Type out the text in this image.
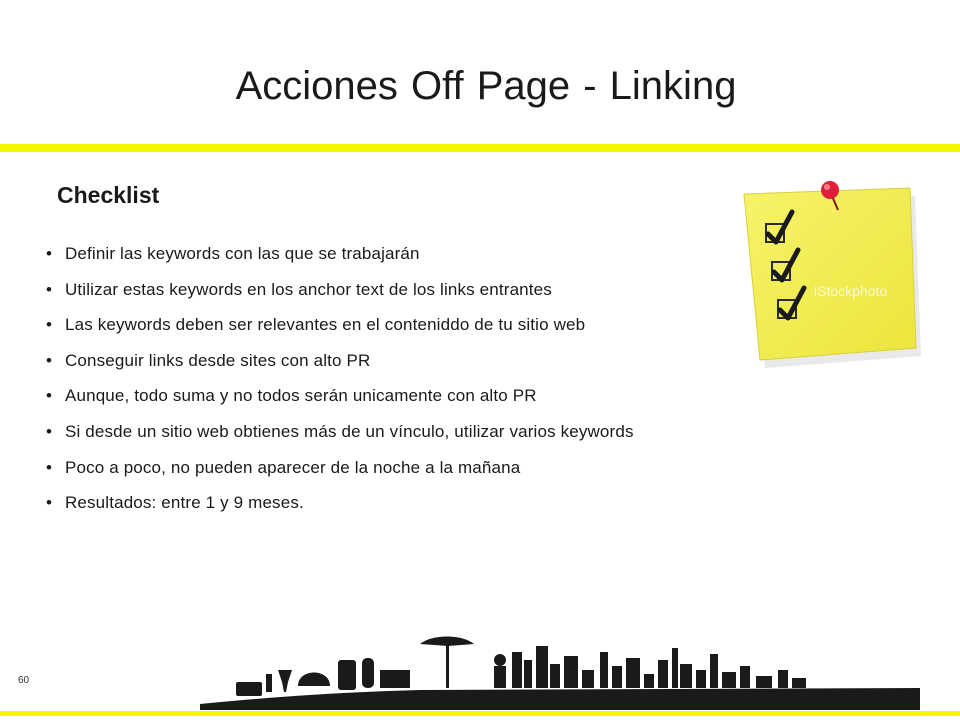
Acciones Off Page - Linking
Checklist
• Definir las keywords con las que se trabajarán
• Utilizar estas keywords en los anchor text de los links entrantes
• Las keywords deben ser relevantes en el conteniddo de tu sitio web
• Conseguir links desde sites con alto PR
• Aunque, todo suma y no todos serán unicamente con alto PR
• Si desde un sitio web obtienes más de un vínculo, utilizar varios keywords
• Poco a poco, no pueden aparecer de la noche a la mañana
• Resultados: entre 1 y 9 meses.
iStockphoto
60
